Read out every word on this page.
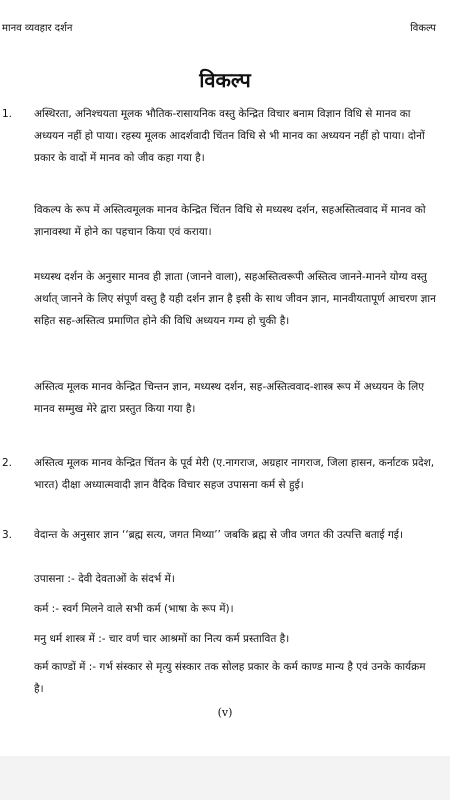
मानव व्यवहार दर्शन	विकल्प
विकल्प
1. अस्थिरता, अनिश्चयता मूलक भौतिक-रासायनिक वस्तु केन्द्रित विचार बनाम विज्ञान विधि से मानव का अध्ययन नहीं हो पाया। रहस्य मूलक आदर्शवादी चिंतन विधि से भी मानव का अध्ययन नहीं हो पाया। दोनों प्रकार के वादों में मानव को जीव कहा गया है।
विकल्प के रूप में अस्तित्वमूलक मानव केन्द्रित चिंतन विधि से मध्यस्थ दर्शन, सहअस्तित्ववाद में मानव को ज्ञानावस्था में होने का पहचान किया एवं कराया।
मध्यस्थ दर्शन के अनुसार मानव ही ज्ञाता (जानने वाला), सहअस्तित्वरूपी अस्तित्व जानने-मानने योग्य वस्तु अर्थात् जानने के लिए संपूर्ण वस्तु है यही दर्शन ज्ञान है इसी के साथ जीवन ज्ञान, मानवीयतापूर्ण आचरण ज्ञान सहित सह-अस्तित्व प्रमाणित होने की विधि अध्ययन गम्य हो चुकी है।
अस्तित्व मूलक मानव केन्द्रित चिन्तन ज्ञान, मध्यस्थ दर्शन, सह-अस्तित्ववाद-शास्त्र रूप में अध्ययन के लिए मानव सम्मुख मेरे द्वारा प्रस्तुत किया गया है।
2. अस्तित्व मूलक मानव केन्द्रित चिंतन के पूर्व मेरी (ए.नागराज, अग्रहार नागराज, जिला हासन, कर्नाटक प्रदेश, भारत) दीक्षा अध्यात्मवादी ज्ञान वैदिक विचार सहज उपासना कर्म से हुई।
3. वेदान्त के अनुसार ज्ञान ‘‘ब्रह्म सत्य, जगत मिथ्या’’ जबकि ब्रह्म से जीव जगत की उत्पत्ति बताई गई।
उपासना :- देवी देवताओं के संदर्भ में।
कर्म :- स्वर्ग मिलने वाले सभी कर्म (भाषा के रूप में)।
मनु धर्म शास्त्र में :- चार वर्ण चार आश्रमों का नित्य कर्म प्रस्तावित है।
कर्म काण्डों में :- गर्भ संस्कार से मृत्यु संस्कार तक सोलह प्रकार के कर्म काण्ड मान्य है एवं उनके कार्यक्रम है।
(v)
